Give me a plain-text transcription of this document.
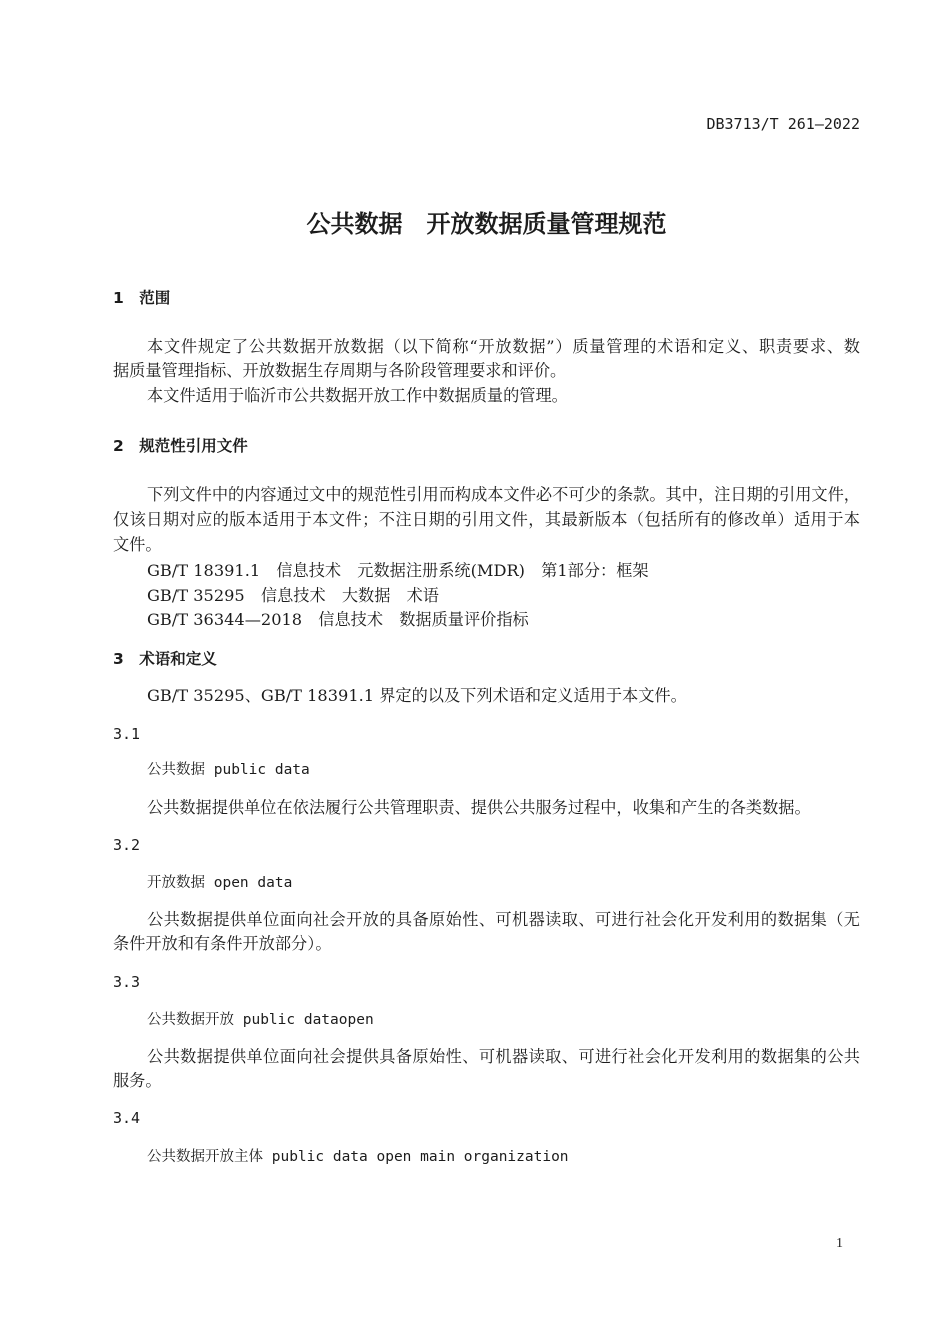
DB3713/T 261—2022
公共数据　开放数据质量管理规范
1　范围
本文件规定了公共数据开放数据（以下简称“开放数据”）质量管理的术语和定义、职责要求、数
据质量管理指标、开放数据生存周期与各阶段管理要求和评价。
本文件适用于临沂市公共数据开放工作中数据质量的管理。
2　规范性引用文件
下列文件中的内容通过文中的规范性引用而构成本文件必不可少的条款。其中，注日期的引用文件，
仅该日期对应的版本适用于本文件；不注日期的引用文件，其最新版本（包括所有的修改单）适用于本
文件。
GB/T 18391.1　信息技术　元数据注册系统(MDR)　第1部分：框架
GB/T 35295　信息技术　大数据　术语
GB/T 36344—2018　信息技术　数据质量评价指标
3　术语和定义
GB/T 35295、GB/T 18391.1 界定的以及下列术语和定义适用于本文件。
3.1
公共数据 public data
公共数据提供单位在依法履行公共管理职责、提供公共服务过程中，收集和产生的各类数据。
3.2
开放数据 open data
公共数据提供单位面向社会开放的具备原始性、可机器读取、可进行社会化开发利用的数据集（无
条件开放和有条件开放部分）。
3.3
公共数据开放 public dataopen
公共数据提供单位面向社会提供具备原始性、可机器读取、可进行社会化开发利用的数据集的公共
服务。
3.4
公共数据开放主体 public data open main organization
1
